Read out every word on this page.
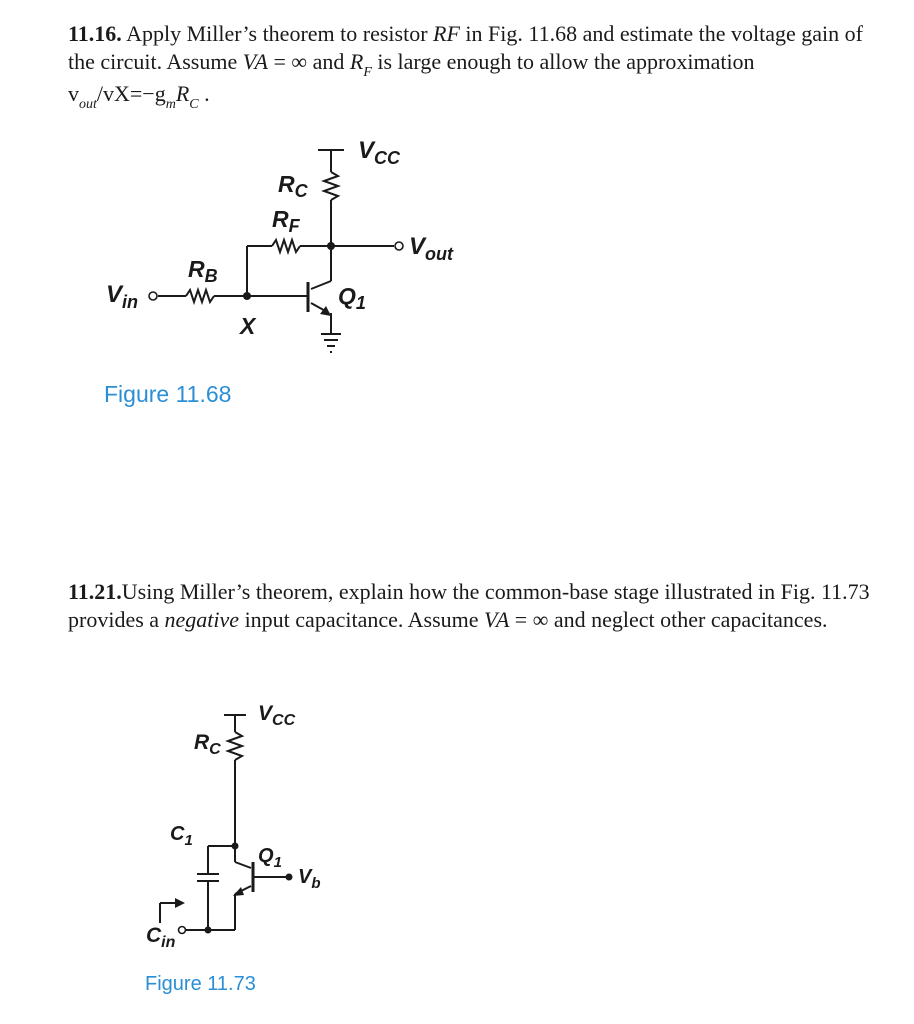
11.16. Apply Miller’s theorem to resistor RF in Fig. 11.68 and estimate the voltage gain of the circuit. Assume VA = ∞ and $R_F$ is large enough to allow the approximation $v_{out}/vX=-g_mR_C$ .
$V_{CC}$
$R_C$
$R_F$
$R_B$
$V_{in}$
$V_{out}$
$Q_1$
X
Figure 11.68
11.21.Using Miller’s theorem, explain how the common-base stage illustrated in Fig. 11.73 provides a negative input capacitance. Assume VA = ∞ and neglect other capacitances.
$V_{CC}$
$R_C$
$C_1$
$V_b$
$Q_1$
$C_{in}$
Figure 11.73
